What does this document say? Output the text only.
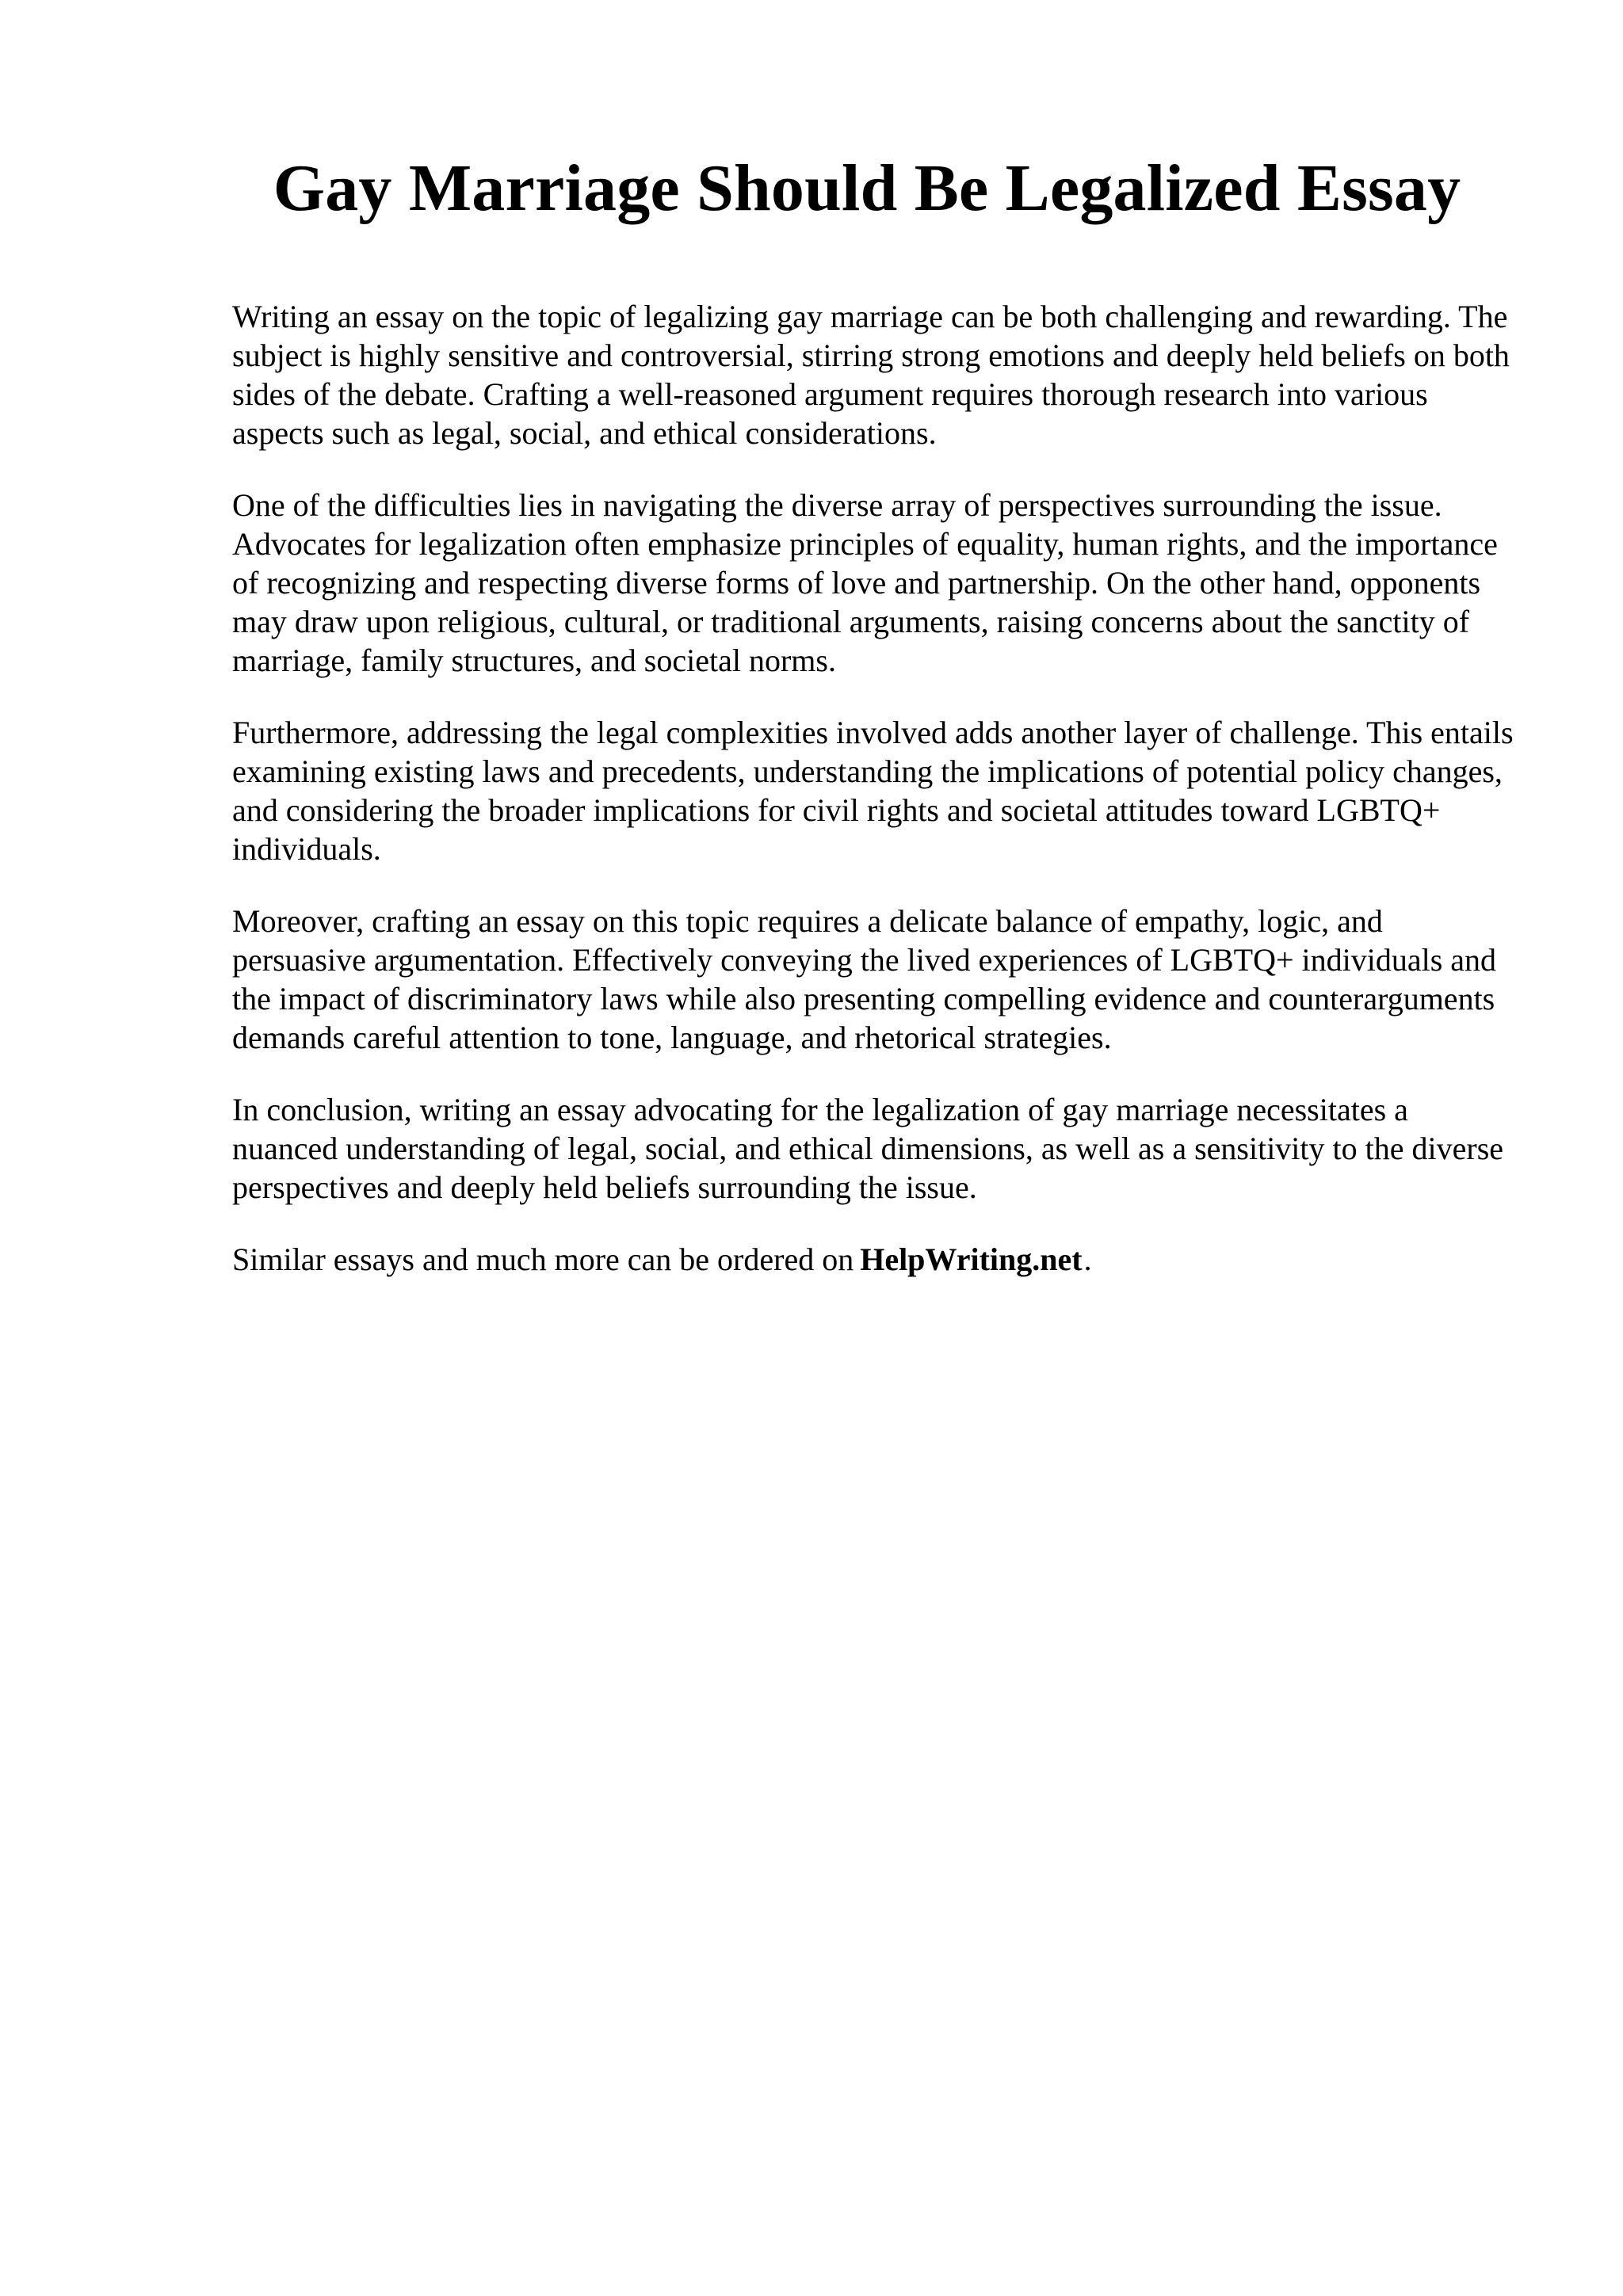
Gay Marriage Should Be Legalized Essay

Writing an essay on the topic of legalizing gay marriage can be both challenging and rewarding. The subject is highly sensitive and controversial, stirring strong emotions and deeply held beliefs on both sides of the debate. Crafting a well-reasoned argument requires thorough research into various aspects such as legal, social, and ethical considerations.

One of the difficulties lies in navigating the diverse array of perspectives surrounding the issue. Advocates for legalization often emphasize principles of equality, human rights, and the importance of recognizing and respecting diverse forms of love and partnership. On the other hand, opponents may draw upon religious, cultural, or traditional arguments, raising concerns about the sanctity of marriage, family structures, and societal norms.

Furthermore, addressing the legal complexities involved adds another layer of challenge. This entails examining existing laws and precedents, understanding the implications of potential policy changes, and considering the broader implications for civil rights and societal attitudes toward LGBTQ+ individuals.

Moreover, crafting an essay on this topic requires a delicate balance of empathy, logic, and persuasive argumentation. Effectively conveying the lived experiences of LGBTQ+ individuals and the impact of discriminatory laws while also presenting compelling evidence and counterarguments demands careful attention to tone, language, and rhetorical strategies.

In conclusion, writing an essay advocating for the legalization of gay marriage necessitates a nuanced understanding of legal, social, and ethical dimensions, as well as a sensitivity to the diverse perspectives and deeply held beliefs surrounding the issue.

Similar essays and much more can be ordered on HelpWriting.net.
